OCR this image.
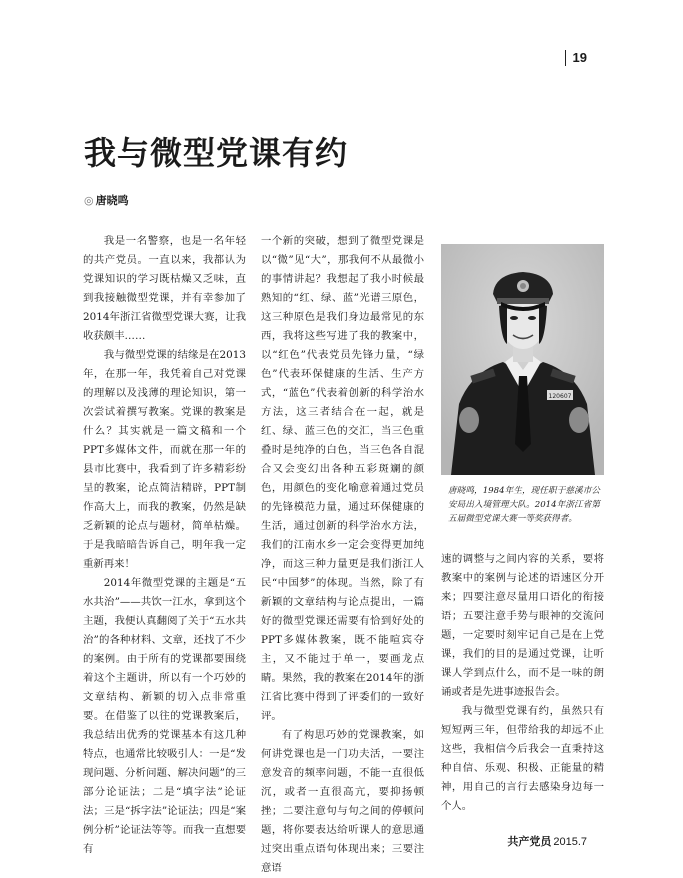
19
我与微型党课有约
◎ 唐晓鸣

我是一名警察，也是一名年轻的共产党员。一直以来，我都认为党课知识的学习既枯燥又乏味，直到我接触微型党课，并有幸参加了2014年浙江省微型党课大赛，让我收获颇丰……

我与微型党课的结缘是在2013年，在那一年，我凭着自己对党课的理解以及浅薄的理论知识，第一次尝试着撰写教案。党课的教案是什么？其实就是一篇文稿和一个PPT多媒体文件，而就在那一年的县市比赛中，我看到了许多精彩纷呈的教案，论点简洁精辟，PPT制作高大上，而我的教案，仍然是缺乏新颖的论点与题材，简单枯燥。于是我暗暗告诉自己，明年我一定重新再来！

2014年微型党课的主题是“五水共治”——共饮一江水，拿到这个主题，我便认真翻阅了关于“五水共治”的各种材料、文章，还找了不少的案例。由于所有的党课都要围绕着这个主题讲，所以有一个巧妙的文章结构、新颖的切入点非常重要。在借鉴了以往的党课教案后，我总结出优秀的党课基本有这几种特点，也通常比较吸引人：一是“发现问题、分析问题、解决问题”的三部分论证法；二是“填字法”论证法；三是“拆字法”论证法；四是“案例分析”论证法等等。而我一直想要有

一个新的突破，想到了微型党课是以“微”见“大”，那我何不从最微小的事情讲起？我想起了我小时候最熟知的“红、绿、蓝”光谱三原色，这三种原色是我们身边最常见的东西，我将这些写进了我的教案中，以“红色”代表党员先锋力量，“绿色”代表环保健康的生活、生产方式，“蓝色”代表着创新的科学治水方法，这三者结合在一起，就是红、绿、蓝三色的交汇，当三色重叠时是纯净的白色，当三色各自混合又会变幻出各种五彩斑斓的颜色，用颜色的变化喻意着通过党员的先锋模范力量，通过环保健康的生活，通过创新的科学治水方法，我们的江南水乡一定会变得更加纯净，而这三种力量更是我们浙江人民“中国梦”的体现。当然，除了有新颖的文章结构与论点提出，一篇好的微型党课还需要有恰到好处的PPT多媒体教案，既不能喧宾夺主，又不能过于单一，要画龙点睛。果然，我的教案在2014年的浙江省比赛中得到了评委们的一致好评。

有了构思巧妙的党课教案，如何讲党课也是一门功夫活，一要注意发音的频率问题，不能一直很低沉，或者一直很高亢，要抑扬顿挫；二要注意句与句之间的停顿问题，将你要表达给听课人的意思通过突出重点语句体现出来；三要注意语

120607
唐晓鸣，1984年生，现任职于慈溪市公安局出入境管理大队。2014年浙江省第五届微型党课大赛一等奖获得者。

速的调整与之间内容的关系，要将教案中的案例与论述的语速区分开来；四要注意尽量用口语化的衔接语；五要注意手势与眼神的交流问题，一定要时刻牢记自己是在上党课，我们的目的是通过党课，让听课人学到点什么，而不是一味的朗诵或者是先进事迹报告会。

我与微型党课有约，虽然只有短短两三年，但带给我的却远不止这些，我相信今后我会一直秉持这种自信、乐观、积极、正能量的精神，用自己的言行去感染身边每一个人。

共产党员 2015.7
